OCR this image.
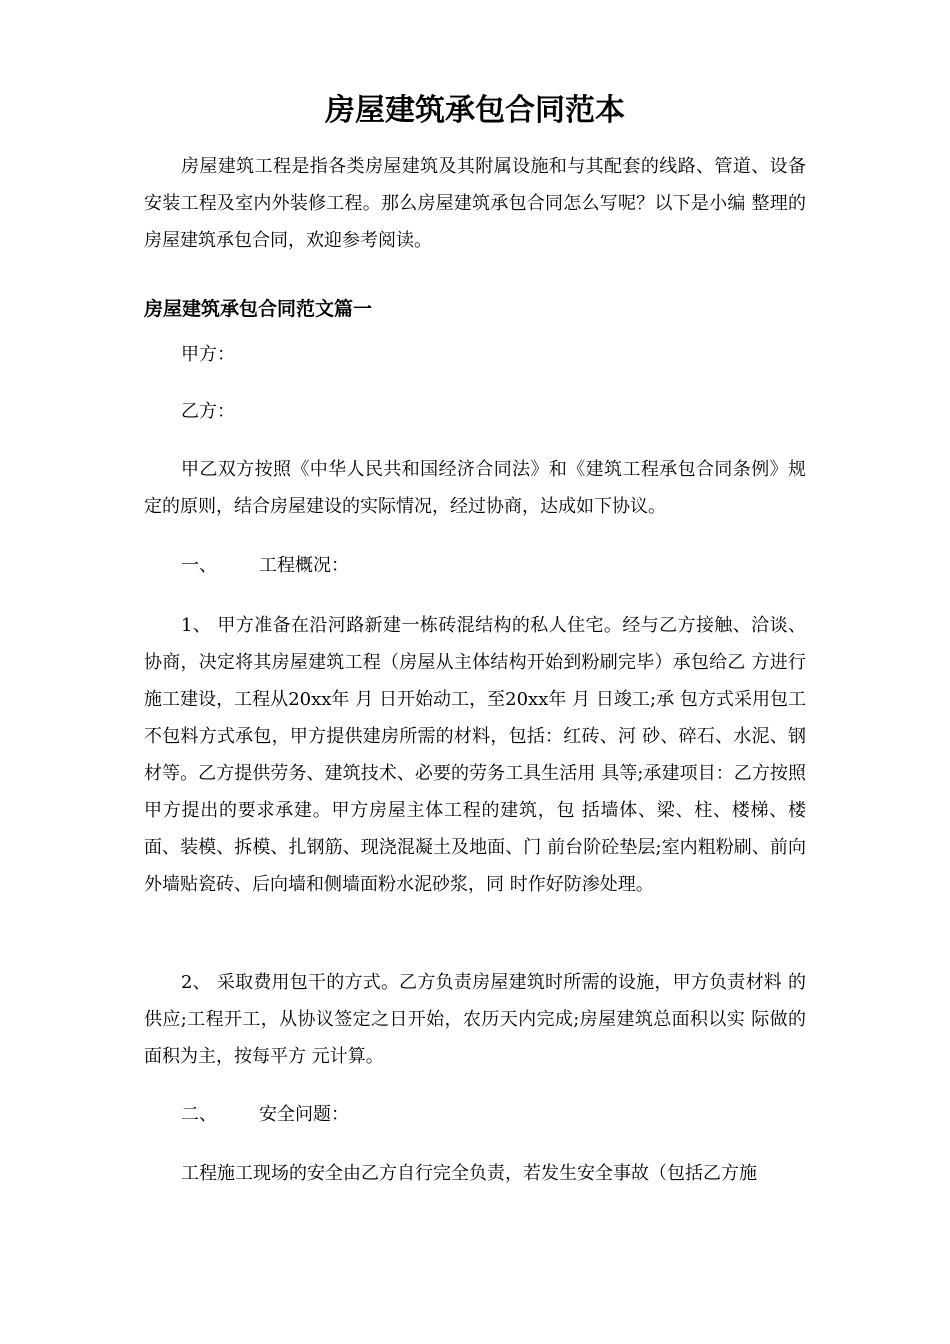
房屋建筑承包合同范本

房屋建筑工程是指各类房屋建筑及其附属设施和与其配套的线路、管道、设备安装工程及室内外装修工程。那么房屋建筑承包合同怎么写呢？以下是小编 整理的房屋建筑承包合同，欢迎参考阅读。

房屋建筑承包合同范文篇一

甲方：

乙方：

甲乙双方按照《中华人民共和国经济合同法》和《建筑工程承包合同条例》规定的原则，结合房屋建设的实际情况，经过协商，达成如下协议。

一、 工程概况：

1、 甲方准备在沿河路新建一栋砖混结构的私人住宅。经与乙方接触、洽谈、协商，决定将其房屋建筑工程（房屋从主体结构开始到粉刷完毕）承包给乙 方进行施工建设，工程从20xx年 月 日开始动工，至20xx年 月 日竣工;承 包方式采用包工不包料方式承包，甲方提供建房所需的材料，包括：红砖、河 砂、碎石、水泥、钢材等。乙方提供劳务、建筑技术、必要的劳务工具生活用 具等;承建项目：乙方按照甲方提出的要求承建。甲方房屋主体工程的建筑，包 括墙体、梁、柱、楼梯、楼面、装模、拆模、扎钢筋、现浇混凝土及地面、门 前台阶砼垫层;室内粗粉刷、前向外墙贴瓷砖、后向墙和侧墙面粉水泥砂浆，同 时作好防渗处理。

2、 采取费用包干的方式。乙方负责房屋建筑时所需的设施，甲方负责材料 的供应;工程开工，从协议签定之日开始，农历天内完成;房屋建筑总面积以实 际做的面积为主，按每平方 元计算。

二、 安全问题：

工程施工现场的安全由乙方自行完全负责，若发生安全事故（包括乙方施
